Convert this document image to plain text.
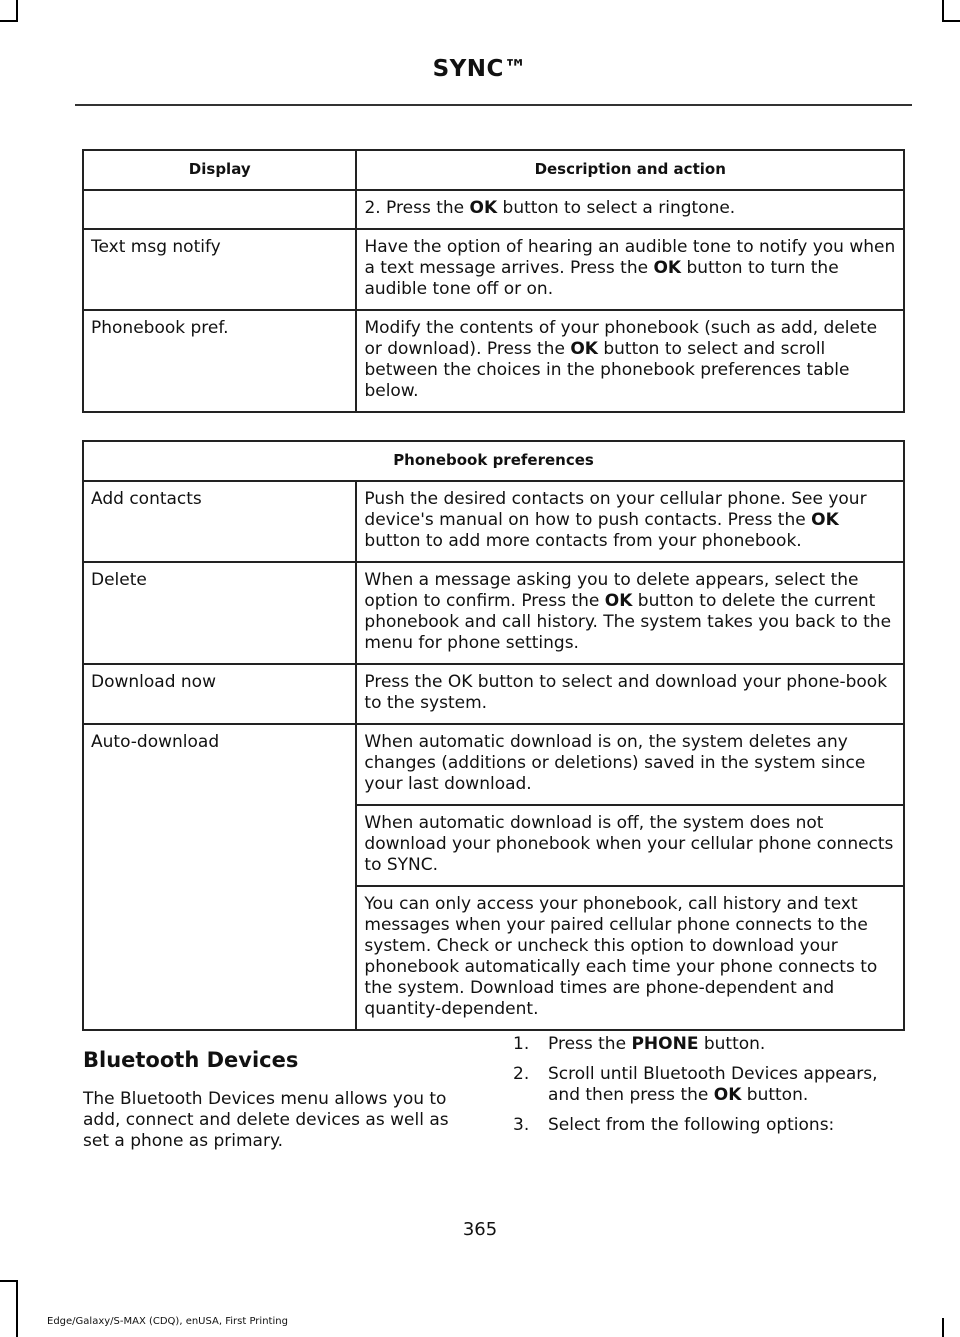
SYNC™
Display	Description and action
	2. Press the OK button to select a ringtone.
Text msg notify	Have the option of hearing an audible tone to notify you when a text message arrives. Press the OK button to turn the audible tone off or on.
Phonebook pref.	Modify the contents of your phonebook (such as add, delete or download). Press the OK button to select and scroll between the choices in the phonebook preferences table below.
Phonebook preferences	
Add contacts	Push the desired contacts on your cellular phone. See your device's manual on how to push contacts. Press the OK button to add more contacts from your phonebook.
Delete	When a message asking you to delete appears, select the option to confirm. Press the OK button to delete the current phonebook and call history. The system takes you back to the menu for phone settings.
Download now	Press the OK button to select and download your phone-book to the system.
Auto-download	When automatic download is on, the system deletes any changes (additions or deletions) saved in the system since your last download.
	When automatic download is off, the system does not download your phonebook when your cellular phone connects to SYNC.
	You can only access your phonebook, call history and text messages when your paired cellular phone connects to the system. Check or uncheck this option to download your phonebook automatically each time your phone connects to the system. Download times are phone-dependent and quantity-dependent.
Bluetooth Devices
The Bluetooth Devices menu allows you to add, connect and delete devices as well as set a phone as primary.
1. Press the PHONE button.
2. Scroll until Bluetooth Devices appears, and then press the OK button.
3. Select from the following options:
365
Edge/Galaxy/S-MAX (CDQ), enUSA, First Printing
